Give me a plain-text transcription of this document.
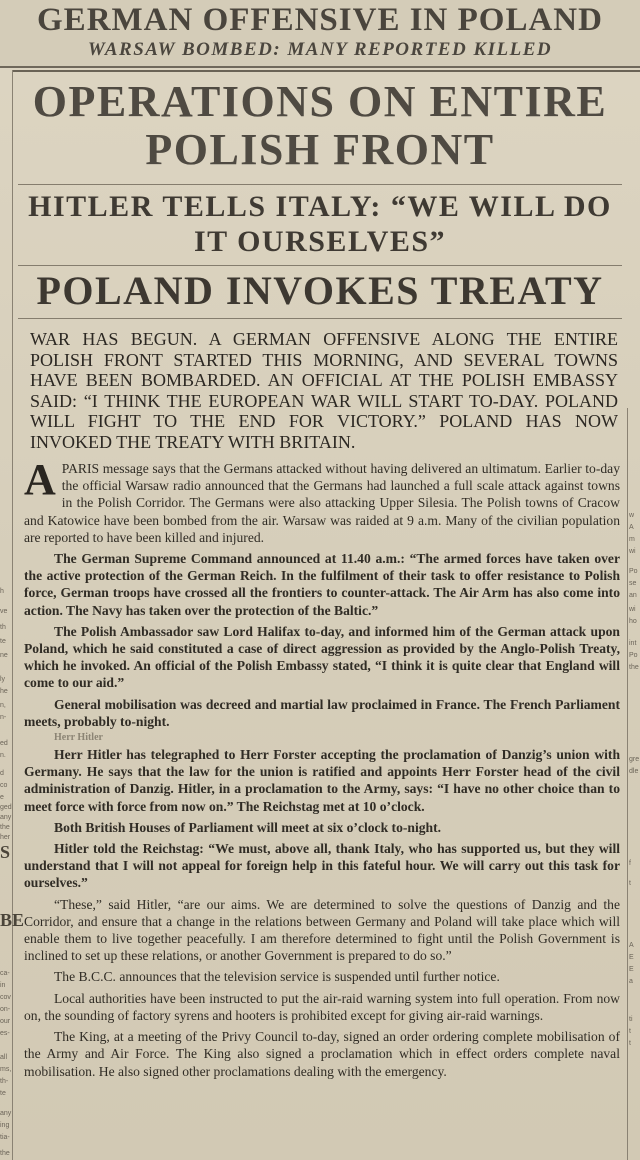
GERMAN OFFENSIVE IN POLAND
WARSAW BOMBED: MANY REPORTED KILLED
h
ve
th
te
ne
ly
he
n,
n-
ed
n.
d
co
e
ged
any
the
her
S
BE
ca-
in
cov
on-
our
es-
all
ms,
th-
te
any
ing
tia-
the
w
A
m
wi
Po
se
an
wi
ho
int
Po
the
gre
dle
f
t
A
E
E
a
ti
t
t
OPERATIONS ON ENTIRE POLISH FRONT
HITLER TELLS ITALY: “WE WILL DO IT OURSELVES”
POLAND INVOKES TREATY
WAR HAS BEGUN. A GERMAN OFFENSIVE ALONG THE ENTIRE POLISH FRONT STARTED THIS MORNING, AND SEVERAL TOWNS HAVE BEEN BOMBARDED. AN OFFICIAL AT THE POLISH EMBASSY SAID: “I THINK THE EUROPEAN WAR WILL START TO-DAY. POLAND WILL FIGHT TO THE END FOR VICTORY.” POLAND HAS NOW INVOKED THE TREATY WITH BRITAIN.

APARIS message says that the Germans attacked without having delivered an ultimatum. Earlier to-day the official Warsaw radio announced that the Germans had launched a full scale attack against towns in the Polish Corridor. The Germans were also attacking Upper Silesia. The Polish towns of Cracow and Katowice have been bombed from the air. Warsaw was raided at 9 a.m. Many of the civilian population are reported to have been killed and injured.

The German Supreme Command announced at 11.40 a.m.: “The armed forces have taken over the active protection of the German Reich. In the fulfilment of their task to offer resistance to Polish force, German troops have crossed all the frontiers to counter-attack. The Air Arm has also come into action. The Navy has taken over the protection of the Baltic.”

The Polish Ambassador saw Lord Halifax to-day, and informed him of the German attack upon Poland, which he said constituted a case of direct aggression as provided by the Anglo-Polish Treaty, which he invoked. An official of the Polish Embassy stated, “I think it is quite clear that England will come to our aid.”

General mobilisation was decreed and martial law proclaimed in France. The French Parliament meets, probably to-night.

Herr Hitler

Herr Hitler has telegraphed to Herr Forster accepting the proclamation of Danzig’s union with Germany. He says that the law for the union is ratified and appoints Herr Forster head of the civil administration of Danzig. Hitler, in a proclamation to the Army, says: “I have no other choice than to meet force with force from now on.” The Reichstag met at 10 o’clock.

Both British Houses of Parliament will meet at six o’clock to-night.

Hitler told the Reichstag: “We must, above all, thank Italy, who has supported us, but they will understand that I will not appeal for foreign help in this fateful hour. We will carry out this task for ourselves.”

“These,” said Hitler, “are our aims. We are determined to solve the questions of Danzig and the Corridor, and ensure that a change in the relations between Germany and Poland will take place which will enable them to live together peacefully. I am therefore determined to fight until the Polish Government is inclined to set up these relations, or another Government is prepared to do so.”

The B.C.C. announces that the television service is suspended until further notice.

Local authorities have been instructed to put the air-raid warning system into full operation. From now on, the sounding of factory syrens and hooters is prohibited except for giving air-raid warnings.

The King, at a meeting of the Privy Council to-day, signed an order ordering complete mobilisation of the Army and Air Force. The King also signed a proclamation which in effect orders complete naval mobilisation. He also signed other proclamations dealing with the emergency.
